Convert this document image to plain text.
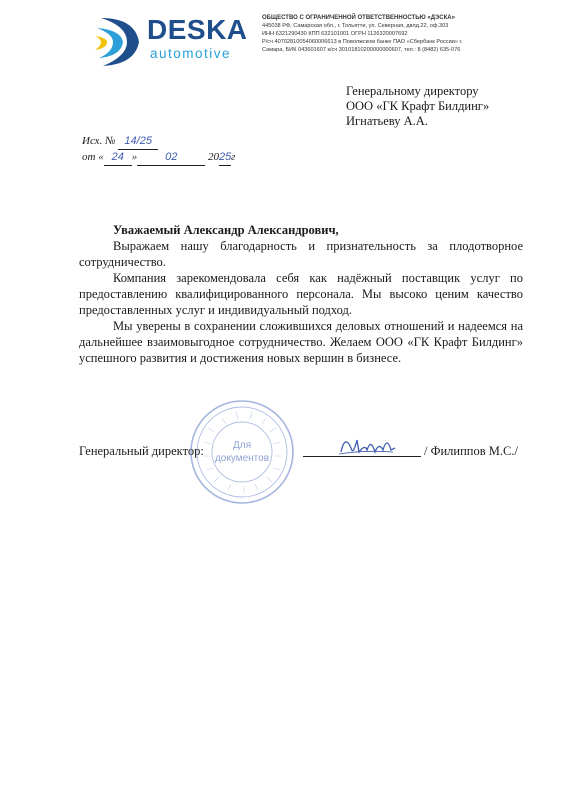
DESKA
automotive
ОБЩЕСТВО С ОГРАНИЧЕННОЙ ОТВЕТСТВЕННОСТЬЮ «ДЭСКА»
445038 РФ, Самарская обл., г. Тольятти, ул. Северная, двлд.22, оф.303
ИНН 6321290430 КПП 632101001 ОГРН 1126320007692
Р/сч 40702810054060006613 в Поволжском банке ПАО «Сбербанк России» г.
Самара, БИК 043601607 к/сч 30101810200000000607, тел.: 8 (8482) 635-076
Генеральному директору
ООО «ГК Крафт Билдинг»
Игнатьеву А.А.
Исх. № 14/25
от « 24 »	02	2025г

Уважаемый Александр Александрович,

Выражаем нашу благодарность и признательность за плодотворное сотрудничество.

Компания зарекомендовала себя как надёжный поставщик услуг по предоставлению квалифицированного персонала. Мы высоко ценим качество предоставленных услуг и индивидуальный подход.

Мы уверены в сохранении сложившихся деловых отношений и надеемся на дальнейшее взаимовыгодное сотрудничество. Желаем ООО «ГК Крафт Билдинг» успешного развития и достижения новых вершин в бизнесе.

Для
документов
Генеральный директор:	/ Филиппов М.С./
